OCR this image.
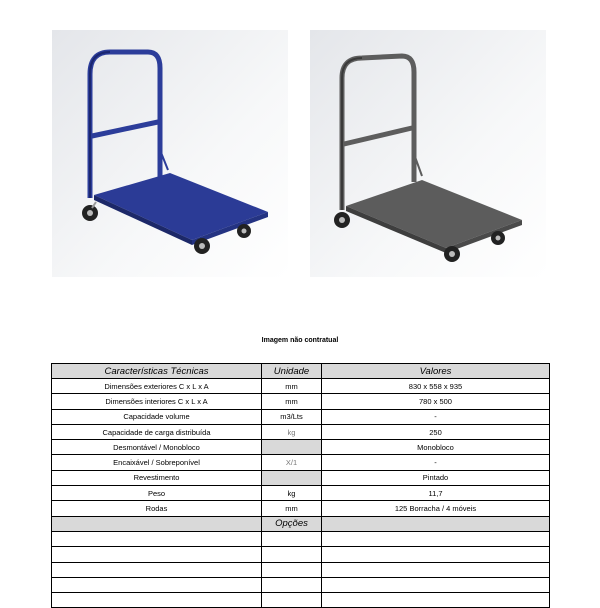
Imagem não contratual
Características Técnicas	Unidade	Valores
Dimensões exteriores C x L x A	mm	830 x 558 x 935
Dimensões interiores C x L x A	mm	780 x 500
Capacidade volume	m3/Lts	-
Capacidade de carga distribuída	kg	250
Desmontável / Monobloco		Monobloco
Encaixável / Sobreponível	X/1	-
Revestimento		Pintado
Peso	kg	11,7
Rodas	mm	125 Borracha / 4 móveis
	Opções	
